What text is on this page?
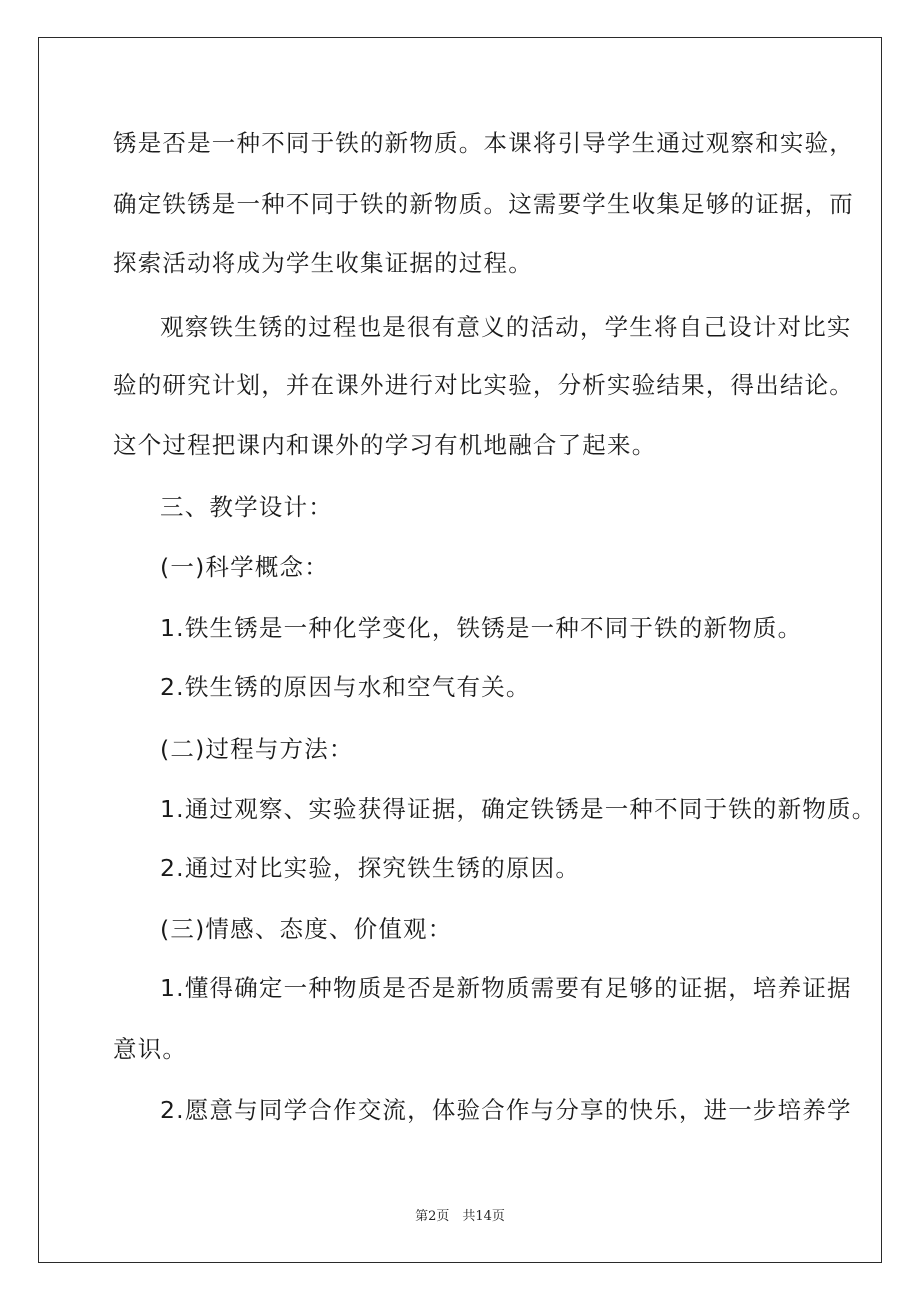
锈是否是一种不同于铁的新物质。本课将引导学生通过观察和实验，
确定铁锈是一种不同于铁的新物质。这需要学生收集足够的证据，而
探索活动将成为学生收集证据的过程。
观察铁生锈的过程也是很有意义的活动，学生将自己设计对比实
验的研究计划，并在课外进行对比实验，分析实验结果，得出结论。
这个过程把课内和课外的学习有机地融合了起来。
三、教学设计：
(一)科学概念：
1.铁生锈是一种化学变化，铁锈是一种不同于铁的新物质。
2.铁生锈的原因与水和空气有关。
(二)过程与方法：
1.通过观察、实验获得证据，确定铁锈是一种不同于铁的新物质。
2.通过对比实验，探究铁生锈的原因。
(三)情感、态度、价值观：
1.懂得确定一种物质是否是新物质需要有足够的证据，培养证据
意识。
2.愿意与同学合作交流，体验合作与分享的快乐，进一步培养学
第2页　共14页
